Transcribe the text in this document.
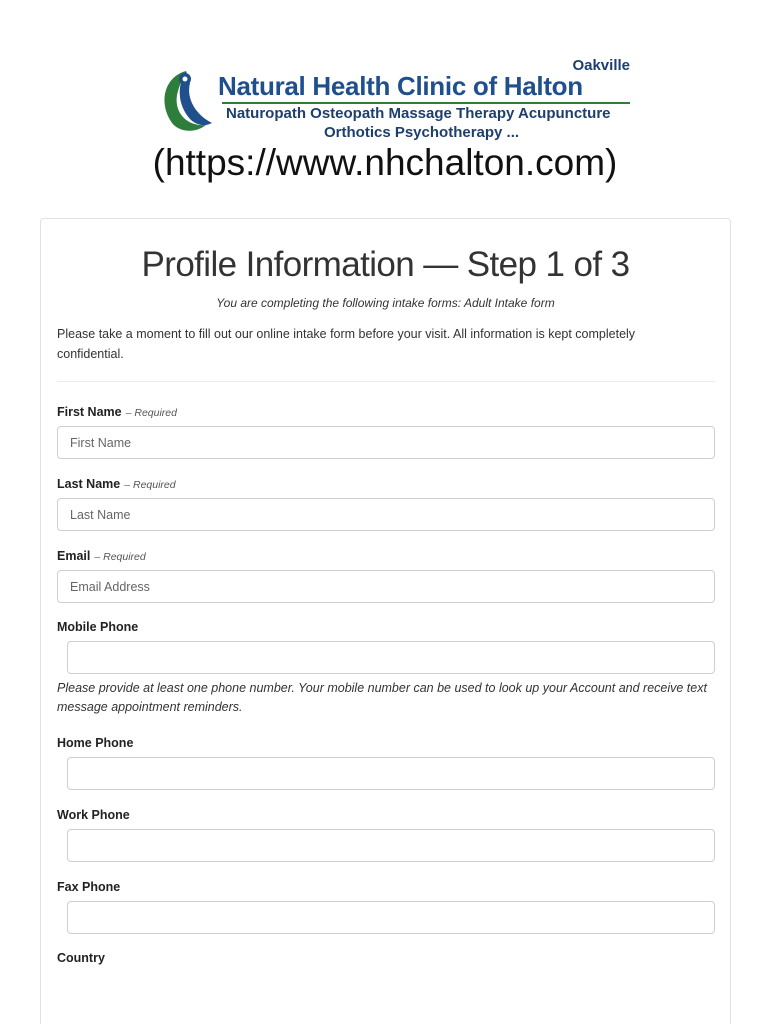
Oakville
Natural Health Clinic of Halton
Naturopath Osteopath Massage Therapy Acupuncture
Orthotics Psychotherapy ...
(https://www.nhchalton.com)
Profile Information — Step 1 of 3
You are completing the following intake forms: Adult Intake form

Please take a moment to fill out our online intake form before your visit. All information is kept completely confidential.

First Name – Required
First Name
Last Name – Required
Last Name
Email – Required
Email Address
Mobile Phone

Please provide at least one phone number. Your mobile number can be used to look up your Account and receive text message appointment reminders.

Home Phone
Work Phone
Fax Phone
Country
